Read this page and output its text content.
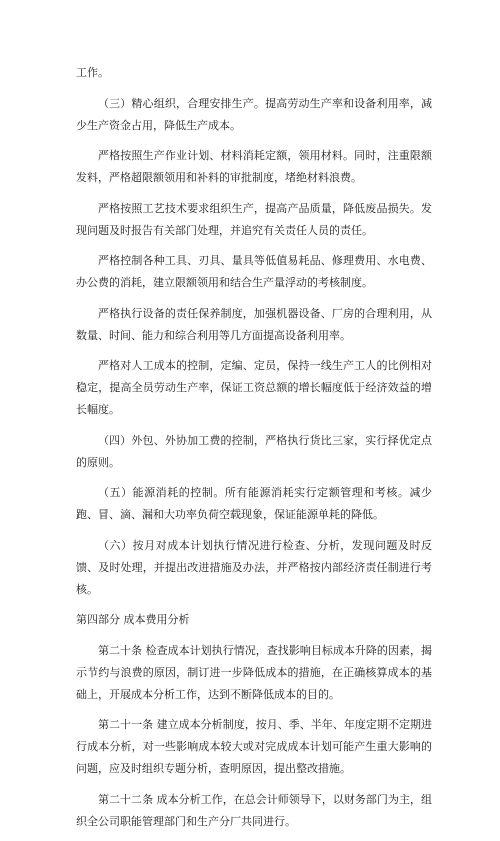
工作。

（三）精心组织，合理安排生产。提高劳动生产率和设备利用率，减少生产资金占用，降低生产成本。

严格按照生产作业计划、材料消耗定额，领用材料。同时，注重限额发料，严格超限额领用和补料的审批制度，堵绝材料浪费。

严格按照工艺技术要求组织生产，提高产品质量，降低废品损失。发现问题及时报告有关部门处理，并追究有关责任人员的责任。

严格控制各种工具、刃具、量具等低值易耗品、修理费用、水电费、办公费的消耗，建立限额领用和结合生产量浮动的考核制度。

严格执行设备的责任保养制度，加强机器设备、厂房的合理利用，从数量、时间、能力和综合利用等几方面提高设备利用率。

严格对人工成本的控制，定编、定员，保持一线生产工人的比例相对稳定，提高全员劳动生产率，保证工资总额的增长幅度低于经济效益的增长幅度。

（四）外包、外协加工费的控制，严格执行货比三家，实行择优定点的原则。

（五）能源消耗的控制。所有能源消耗实行定额管理和考核。减少跑、冒、滴、漏和大功率负荷空载现象，保证能源单耗的降低。

（六）按月对成本计划执行情况进行检查、分析，发现问题及时反馈、及时处理，并提出改进措施及办法，并严格按内部经济责任制进行考核。

第四部分 成本费用分析

第二十条 检查成本计划执行情况，查找影响目标成本升降的因素，揭示节约与浪费的原因，制订进一步降低成本的措施，在正确核算成本的基础上，开展成本分析工作，达到不断降低成本的目的。

第二十一条 建立成本分析制度，按月、季、半年、年度定期不定期进行成本分析，对一些影响成本较大或对完成成本计划可能产生重大影响的问题，应及时组织专题分析，查明原因，提出整改措施。

第二十二条 成本分析工作，在总会计师领导下，以财务部门为主，组织全公司职能管理部门和生产分厂共同进行。
